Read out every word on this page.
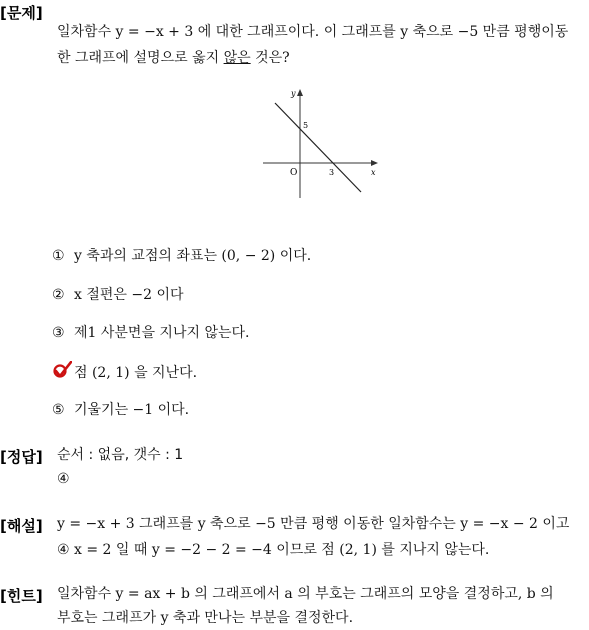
[문제]
일차함수 y = −x + 3 에 대한 그래프이다. 이 그래프를 y 축으로 −5 만큼 평행이동
한 그래프에 설명으로 옳지 않은 것은?
y
x
O
5
3
① y 축과의 교점의 좌표는 (0, − 2) 이다.
② x 절편은 −2 이다
③ 제1 사분면을 지나지 않는다.
점 (2, 1) 을 지난다.
⑤ 기울기는 −1 이다.
[정답] 순서 : 없음, 갯수 : 1
④
[해설] y = −x + 3 그래프를 y 축으로 −5 만큼 평행 이동한 일차함수는 y = −x − 2 이고
④ x = 2 일 때 y = −2 − 2 = −4 이므로 점 (2, 1) 를 지나지 않는다.
[힌트] 일차함수 y = ax + b 의 그래프에서 a 의 부호는 그래프의 모양을 결정하고, b 의
부호는 그래프가 y 축과 만나는 부분을 결정한다.
